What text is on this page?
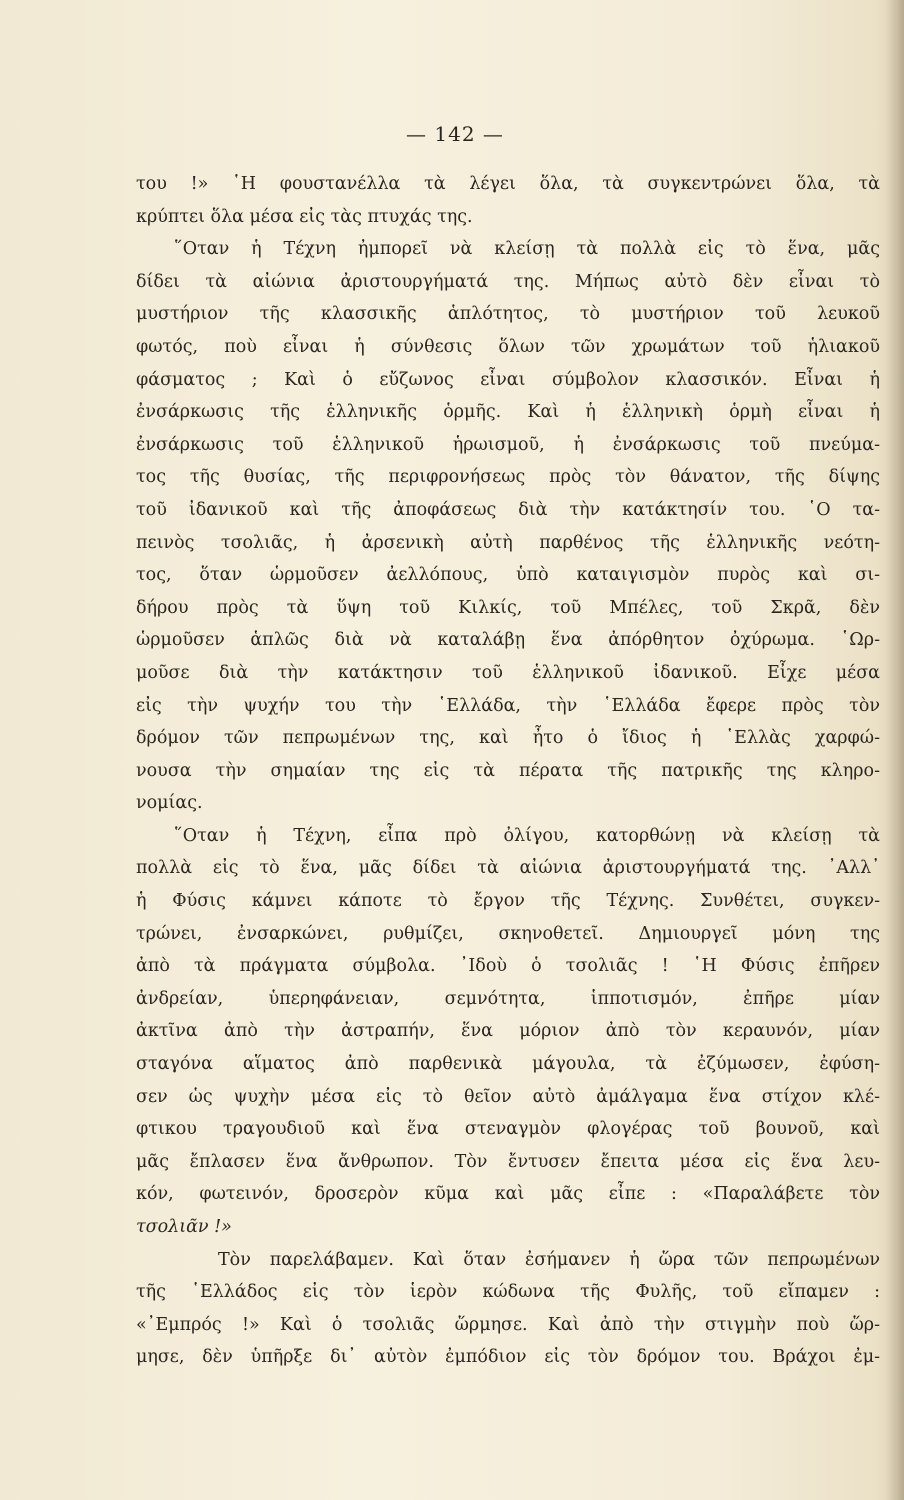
— 142 —
του !» ῾Η φουστανέλλα τὰ λέγει ὅλα, τὰ συγκεντρώνει ὅλα, τὰ
κρύπτει ὅλα μέσα εἰς τὰς πτυχάς της.
῞Οταν ἡ Τέχνη ἠμπορεῖ νὰ κλείσῃ τὰ πολλὰ εἰς τὸ ἕνα, μᾶς
δίδει τὰ αἰώνια ἀριστουργήματά της. Μήπως αὐτὸ δὲν εἶναι τὸ
μυστήριον τῆς κλασσικῆς ἁπλότητος, τὸ μυστήριον τοῦ λευκοῦ
φωτός, ποὺ εἶναι ἡ σύνθεσις ὅλων τῶν χρωμάτων τοῦ ἡλιακοῦ
φάσματος ; Καὶ ὁ εὔζωνος εἶναι σύμβολον κλασσικόν. Εἶναι ἡ
ἐνσάρκωσις τῆς ἑλληνικῆς ὁρμῆς. Καὶ ἡ ἑλληνικὴ ὁρμὴ εἶναι ἡ
ἐνσάρκωσις τοῦ ἑλληνικοῦ ἡρωισμοῦ, ἡ ἐνσάρκωσις τοῦ πνεύμα-
τος τῆς θυσίας, τῆς περιφρονήσεως πρὸς τὸν θάνατον, τῆς δίψης
τοῦ ἰδανικοῦ καὶ τῆς ἀποφάσεως διὰ τὴν κατάκτησίν του. ῾Ο τα-
πεινὸς τσολιᾶς, ἡ ἀρσενικὴ αὐτὴ παρθένος τῆς ἑλληνικῆς νεότη-
τος, ὅταν ὡρμοῦσεν ἀελλόπους, ὑπὸ καταιγισμὸν πυρὸς καὶ σι-
δήρου πρὸς τὰ ὕψη τοῦ Κιλκίς, τοῦ Μπέλες, τοῦ Σκρᾶ, δὲν
ὡρμοῦσεν ἁπλῶς διὰ νὰ καταλάβῃ ἕνα ἀπόρθητον ὀχύρωμα. ῾Ωρ-
μοῦσε διὰ τὴν κατάκτησιν τοῦ ἑλληνικοῦ ἰδανικοῦ. Εἶχε μέσα
εἰς τὴν ψυχήν του τὴν ῾Ελλάδα, τὴν ῾Ελλάδα ἔφερε πρὸς τὸν
δρόμον τῶν πεπρωμένων της, καὶ ἦτο ὁ ἴδιος ἡ ῾Ελλὰς χαρφώ-
νουσα τὴν σημαίαν της εἰς τὰ πέρατα τῆς πατρικῆς της κληρο-
νομίας.
῞Οταν ἡ Τέχνη, εἶπα πρὸ ὀλίγου, κατορθώνῃ νὰ κλείσῃ τὰ
πολλὰ εἰς τὸ ἕνα, μᾶς δίδει τὰ αἰώνια ἀριστουργήματά της. ᾿Αλλ᾿
ἡ Φύσις κάμνει κάποτε τὸ ἔργον τῆς Τέχνης. Συνθέτει, συγκεν-
τρώνει, ἐνσαρκώνει, ρυθμίζει, σκηνοθετεῖ. Δημιουργεῖ μόνη της
ἀπὸ τὰ πράγματα σύμβολα. ᾿Ιδοὺ ὁ τσολιᾶς ! ῾Η Φύσις ἐπῆρεν
ἀνδρείαν, ὑπερηφάνειαν, σεμνότητα, ἱπποτισμόν, ἐπῆρε μίαν
ἀκτῖνα ἀπὸ τὴν ἀστραπήν, ἕνα μόριον ἀπὸ τὸν κεραυνόν, μίαν
σταγόνα αἵματος ἀπὸ παρθενικὰ μάγουλα, τὰ ἐζύμωσεν, ἐφύση-
σεν ὡς ψυχὴν μέσα εἰς τὸ θεῖον αὐτὸ ἀμάλγαμα ἕνα στίχον κλέ-
φτικου τραγουδιοῦ καὶ ἕνα στεναγμὸν φλογέρας τοῦ βουνοῦ, καὶ
μᾶς ἔπλασεν ἕνα ἄνθρωπον. Τὸν ἔντυσεν ἔπειτα μέσα εἰς ἕνα λευ-
κόν, φωτεινόν, δροσερὸν κῦμα καὶ μᾶς εἶπε : «Παραλάβετε τὸν
τσολιᾶν !»
Τὸν παρελάβαμεν. Καὶ ὅταν ἐσήμανεν ἡ ὥρα τῶν πεπρωμένων
τῆς ῾Ελλάδος εἰς τὸν ἱερὸν κώδωνα τῆς Φυλῆς, τοῦ εἴπαμεν :
«᾿Εμπρός !» Καὶ ὁ τσολιᾶς ὥρμησε. Καὶ ἀπὸ τὴν στιγμὴν ποὺ ὥρ-
μησε, δὲν ὑπῆρξε δι᾿ αὐτὸν ἐμπόδιον εἰς τὸν δρόμον του. Βράχοι ἐμ-
